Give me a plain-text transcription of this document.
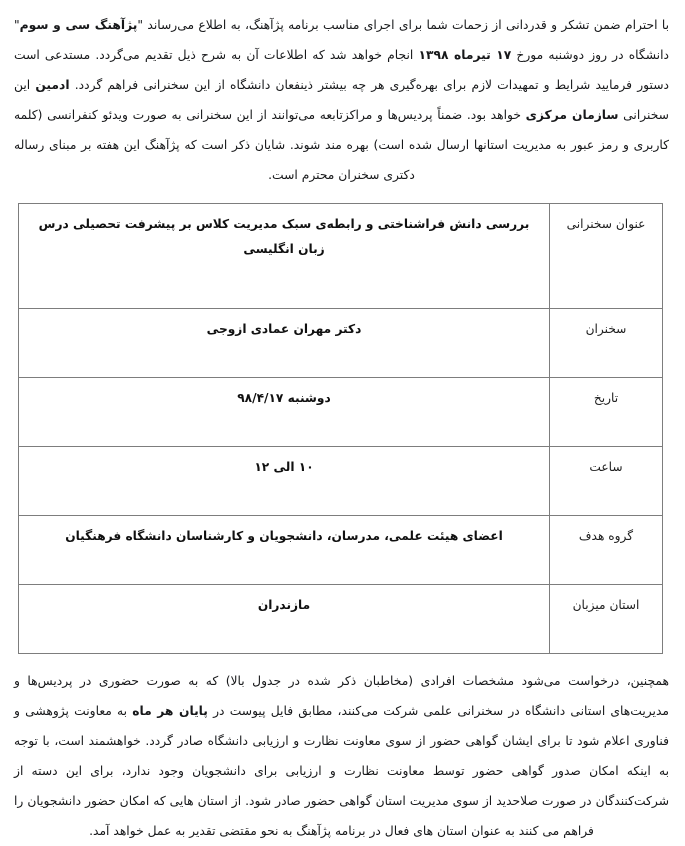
با احترام ضمن تشکر و قدردانی از زحمات شما برای اجرای مناسب برنامه پژآهنگ، به اطلاع می‌رساند "پژآهنگ سی و سوم" دانشگاه در روز دوشنبه مورخ ۱۷ تیرماه ۱۳۹۸ انجام خواهد شد که اطلاعات آن به شرح ذیل تقدیم می‌گردد. مستدعی است دستور فرمایید شرایط و تمهیدات لازم برای بهره‌گیری هر چه بیشتر ذینفعان دانشگاه از این سخنرانی فراهم گردد. ادمین این سخنرانی سازمان مرکزی خواهد بود. ضمناً پردیس‌ها و مراکزتابعه می‌توانند از این سخنرانی به صورت ویدئو کنفرانسی (کلمه کاربری و رمز عبور به مدیریت استانها ارسال شده است) بهره مند شوند. شایان ذکر است که پژآهنگ این هفته بر مبنای رساله دکتری سخنران محترم است.

عنوان سخنرانی	بررسی دانش فراشناختی و رابطه‌ی سبک مدیریت کلاس بر پیشرفت تحصیلی درس زبان انگلیسی
سخنران	دکتر مهران عمادی ازوجی
تاریخ	دوشنبه ۹۸/۴/۱۷
ساعت	۱۰ الی ۱۲
گروه هدف	اعضای هیئت علمی، مدرسان، دانشجویان و کارشناسان دانشگاه فرهنگیان
استان میزبان	مازندران

همچنین، درخواست می‌شود مشخصات افرادی (مخاطبان ذکر شده در جدول بالا) که به صورت حضوری در پردیس‌ها و مدیریت‌های استانی دانشگاه در سخنرانی علمی شرکت می‌کنند، مطابق فایل پیوست در پایان هر ماه به معاونت پژوهشی و فناوری اعلام شود تا برای ایشان گواهی حضور از سوی معاونت نظارت و ارزیابی دانشگاه صادر گردد. خواهشمند است، با توجه به اینکه امکان صدور گواهی حضور توسط معاونت نظارت و ارزیابی برای دانشجویان وجود ندارد، برای این دسته از شرکت‌کنندگان در صورت صلاحدید از سوی مدیریت استان گواهی حضور صادر شود. از استان هایی که امکان حضور دانشجویان را فراهم می کنند به عنوان استان های فعال در برنامه پژآهنگ به نحو مقتضی تقدیر به عمل خواهد آمد.
